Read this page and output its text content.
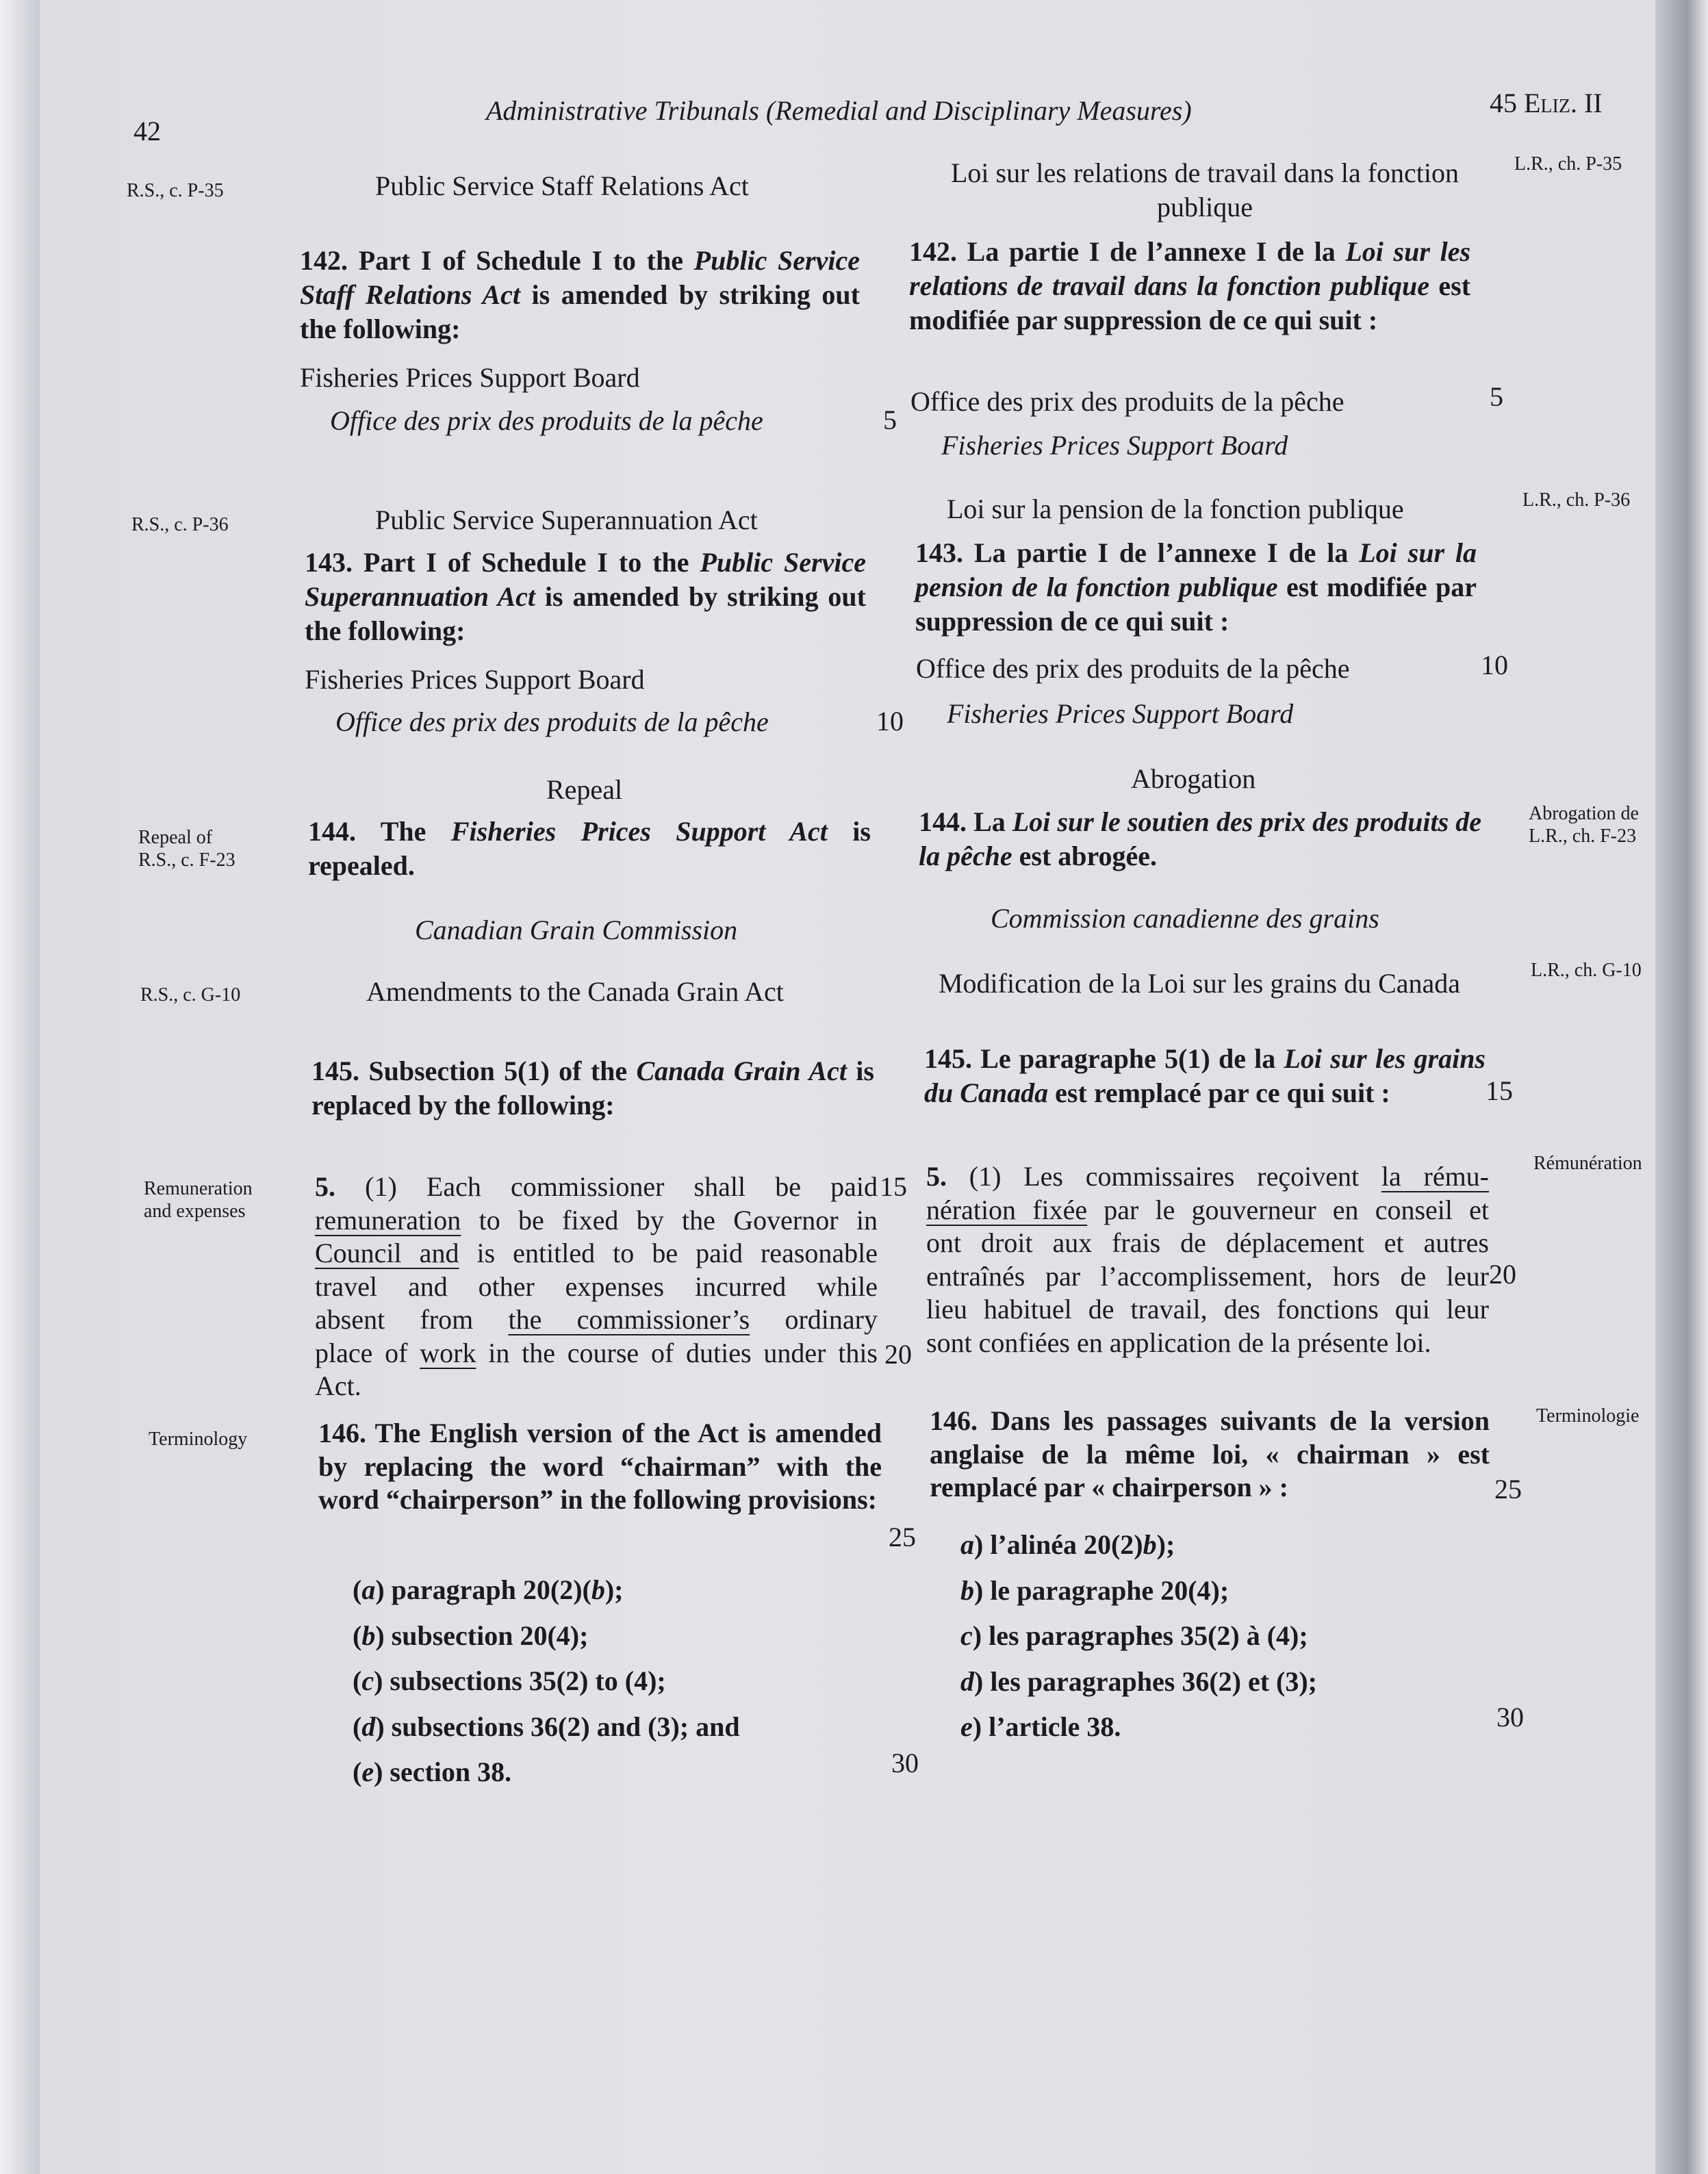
42
Administrative Tribunals (Remedial and Disciplinary Measures)	45 Eliz. II
R.S., c. P-35	Public Service Staff Relations Act
142. Part I of Schedule I to the Public Service Staff Relations Act is amended by striking out the following:
Fisheries Prices Support Board
Office des prix des produits de la pêche
Loi sur les relations de travail dans la fonction publique
L.R., ch. P-35
142. La partie I de l’annexe I de la Loi sur les relations de travail dans la fonction publique est modifiée par suppression de ce qui suit :
Office des prix des produits de la pêche
Fisheries Prices Support Board
R.S., c. P-36	Public Service Superannuation Act
143. Part I of Schedule I to the Public Service Superannuation Act is amended by striking out the following:
Fisheries Prices Support Board
Office des prix des produits de la pêche
Loi sur la pension de la fonction publique	L.R., ch. P-36
143. La partie I de l’annexe I de la Loi sur la pension de la fonction publique est modifiée par suppression de ce qui suit :
Office des prix des produits de la pêche
Fisheries Prices Support Board
Repeal
Repeal of
R.S., c. F-23
144. The Fisheries Prices Support Act is repealed.
Abrogation
Abrogation de
L.R., ch. F-23
144. La Loi sur le soutien des prix des produits de la pêche est abrogée.
Canadian Grain Commission	Commission canadienne des grains
R.S., c. G-10	Amendments to the Canada Grain Act	Modification de la Loi sur les grains du Canada	L.R., ch. G-10
145. Subsection 5(1) of the Canada Grain Act is replaced by the following:
145. Le paragraphe 5(1) de la Loi sur les grains du Canada est remplacé par ce qui suit :
Remuneration
and expenses
5. (1) Each commissioner shall be paid
remuneration to be fixed by the Governor in
Council and is entitled to be paid reasonable
travel and other expenses incurred while
absent from the commissioner’s ordinary
place of work in the course of duties under this
Act.
Rémunération
5. (1) Les commissaires reçoivent la rému-
nération fixée par le gouverneur en conseil et
ont droit aux frais de déplacement et autres
entraînés par l’accomplissement, hors de leur
lieu habituel de travail, des fonctions qui leur
sont confiées en application de la présente loi.
Terminology	146. The English version of the Act is amended by replacing the word “chairman” with the word “chairperson” in the following provisions:
(a) paragraph 20(2)(b);
(b) subsection 20(4);
(c) subsections 35(2) to (4);
(d) subsections 36(2) and (3); and
(e) section 38.
Terminologie
146. Dans les passages suivants de la version anglaise de la même loi, « chairman » est remplacé par « chairperson » :
a) l’alinéa 20(2)b);
b) le paragraphe 20(4);
c) les paragraphes 35(2) à (4);
d) les paragraphes 36(2) et (3);
e) l’article 38.
5
10
15
20
25
30
5
10
15
20
25
30
